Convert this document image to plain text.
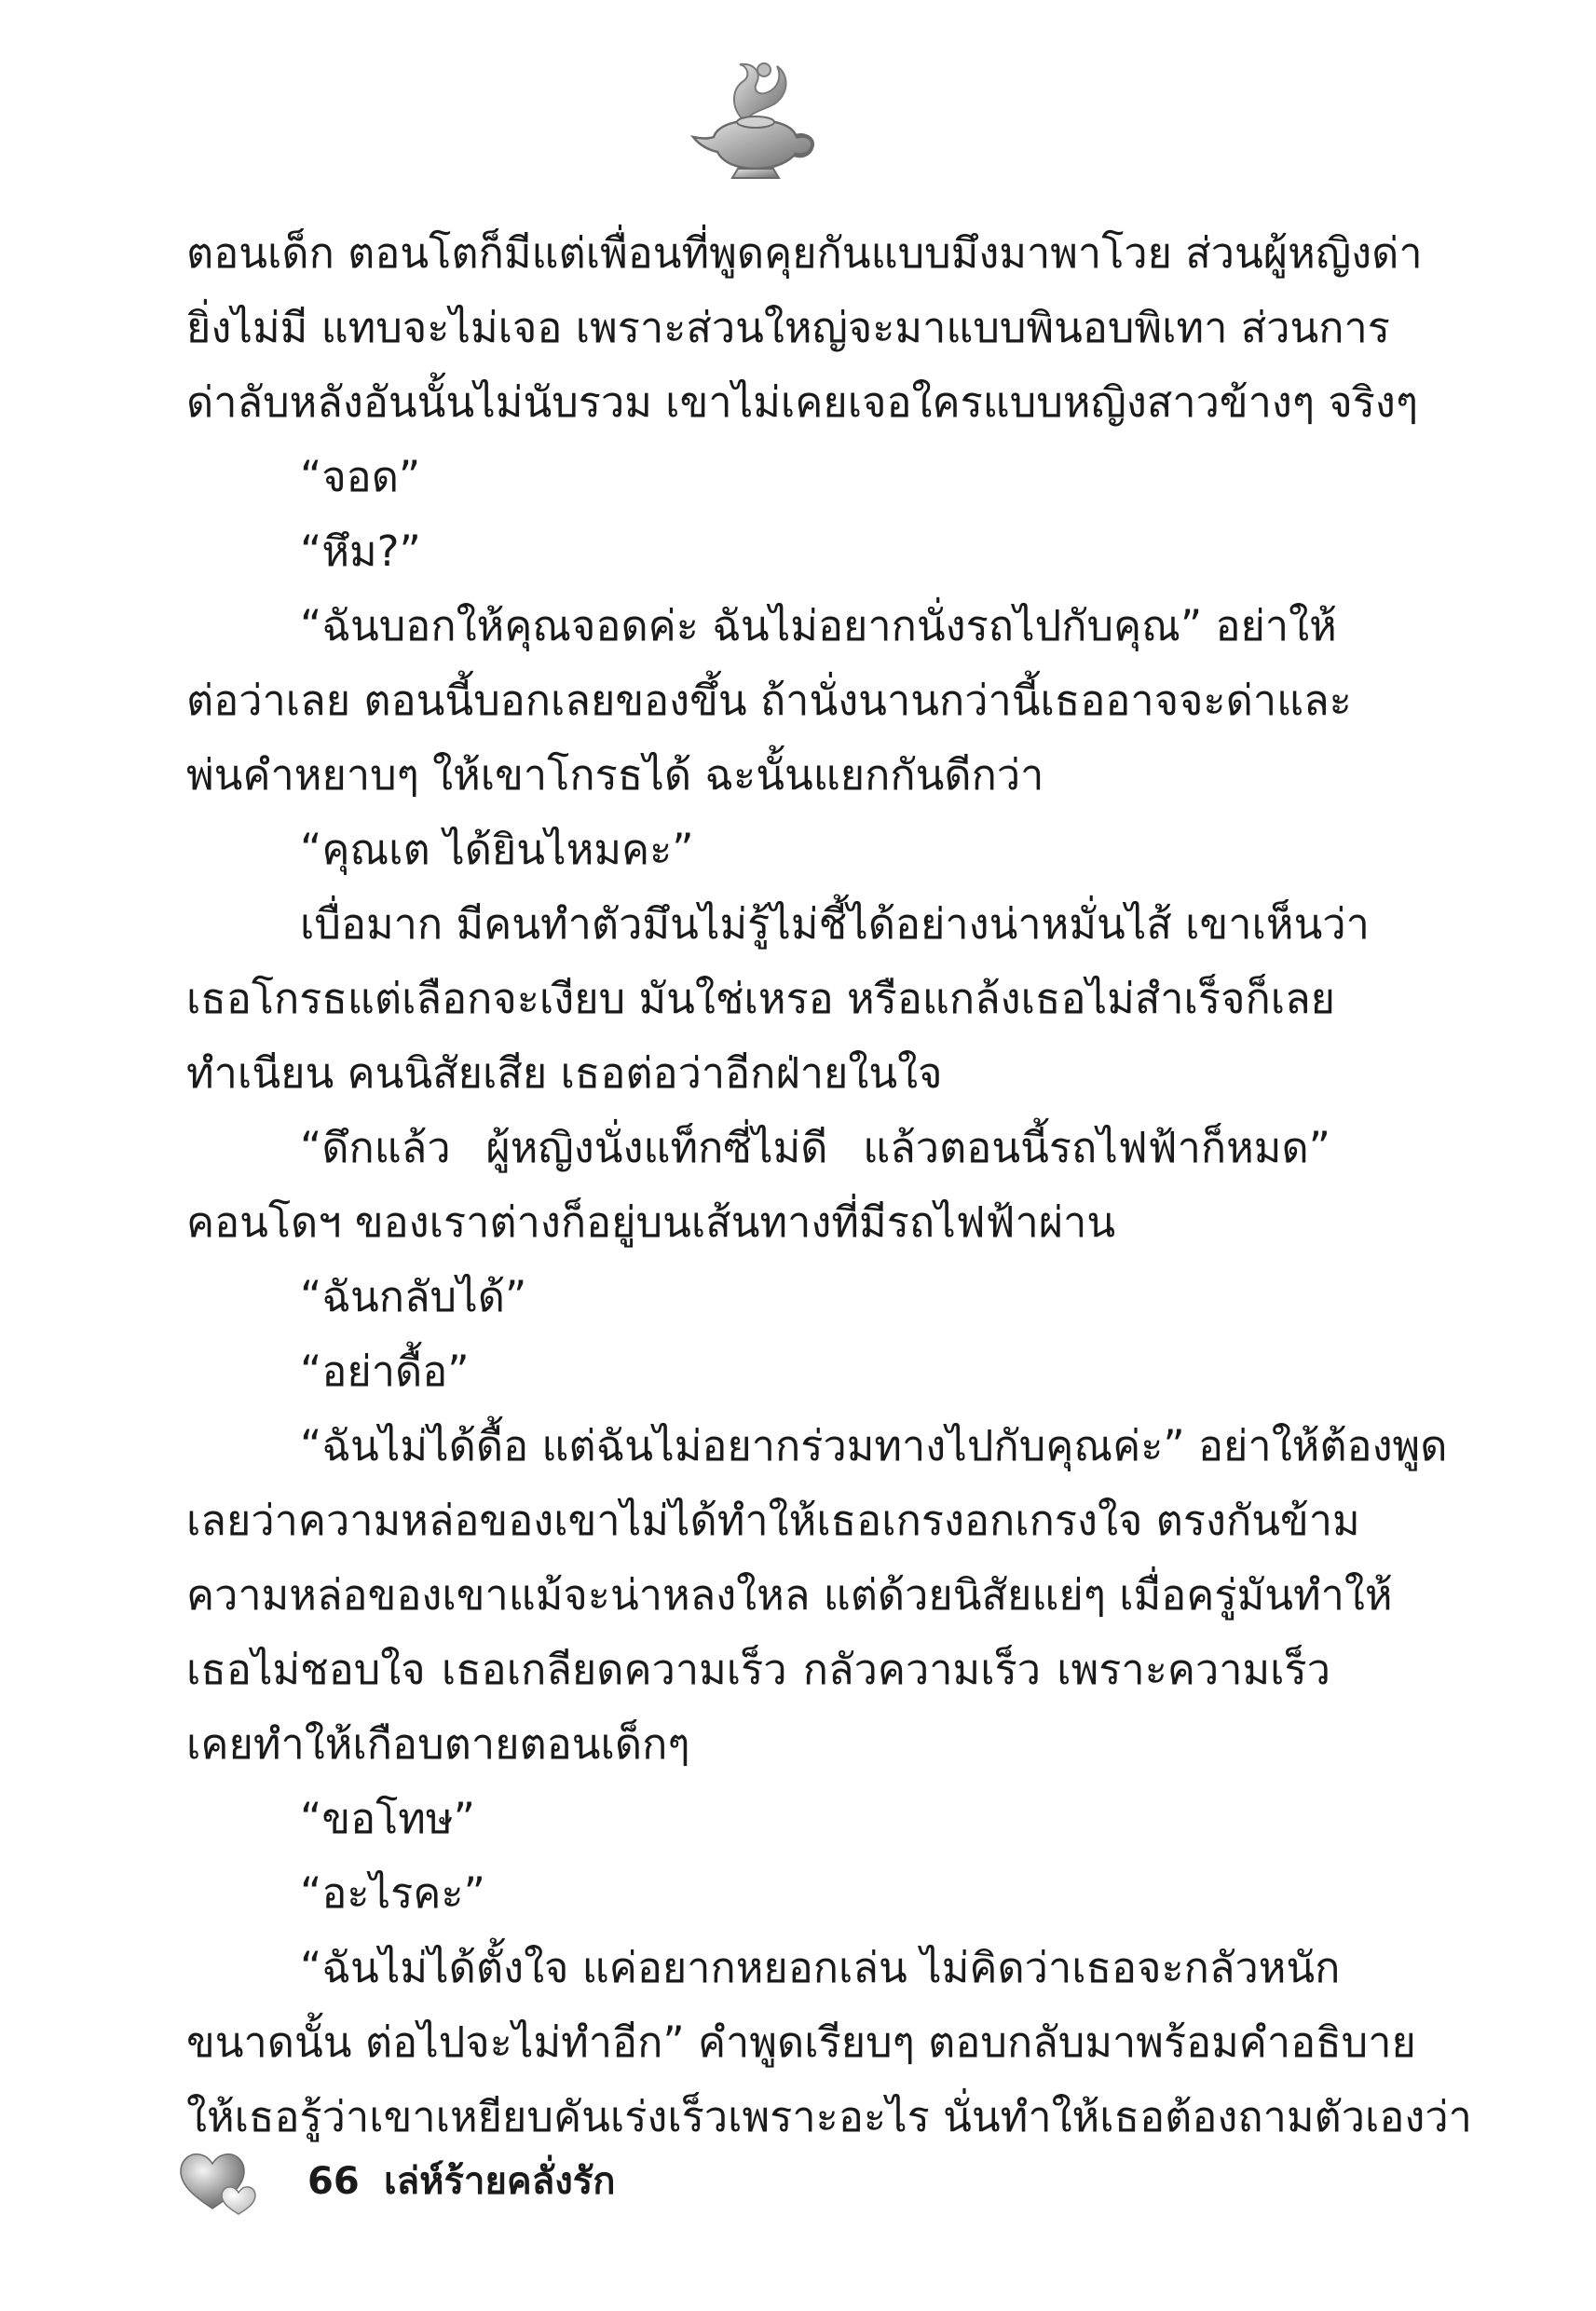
ตอนเด็ก ตอนโตก็มีแต่เพื่อนที่พูดคุยกันแบบมึงมาพาโวย ส่วนผู้หญิงด่า
ยิ่งไม่มี แทบจะไม่เจอ เพราะส่วนใหญ่จะมาแบบพินอบพิเทา ส่วนการ
ด่าลับหลังอันนั้นไม่นับรวม เขาไม่เคยเจอใครแบบหญิงสาวข้างๆ จริงๆ
“จอด”
“หึม?”
“ฉันบอกให้คุณจอดค่ะ ฉันไม่อยากนั่งรถไปกับคุณ” อย่าให้
ต่อว่าเลย ตอนนี้บอกเลยของขึ้น ถ้านั่งนานกว่านี้เธออาจจะด่าและ
พ่นคำหยาบๆ ให้เขาโกรธได้ ฉะนั้นแยกกันดีกว่า
“คุณเต ได้ยินไหมคะ”
เบื่อมาก มีคนทำตัวมึนไม่รู้ไม่ชี้ได้อย่างน่าหมั่นไส้ เขาเห็นว่า
เธอโกรธแต่เลือกจะเงียบ มันใช่เหรอ หรือแกล้งเธอไม่สำเร็จก็เลย
ทำเนียน คนนิสัยเสีย เธอต่อว่าอีกฝ่ายในใจ
“ดึกแล้ว ผู้หญิงนั่งแท็กซี่ไม่ดี แล้วตอนนี้รถไฟฟ้าก็หมด”
คอนโดฯ ของเราต่างก็อยู่บนเส้นทางที่มีรถไฟฟ้าผ่าน
“ฉันกลับได้”
“อย่าดื้อ”
“ฉันไม่ได้ดื้อ แต่ฉันไม่อยากร่วมทางไปกับคุณค่ะ” อย่าให้ต้องพูด
เลยว่าความหล่อของเขาไม่ได้ทำให้เธอเกรงอกเกรงใจ ตรงกันข้าม
ความหล่อของเขาแม้จะน่าหลงใหล แต่ด้วยนิสัยแย่ๆ เมื่อครู่มันทำให้
เธอไม่ชอบใจ เธอเกลียดความเร็ว กลัวความเร็ว เพราะความเร็ว
เคยทำให้เกือบตายตอนเด็กๆ
“ขอโทษ”
“อะไรคะ”
“ฉันไม่ได้ตั้งใจ แค่อยากหยอกเล่น ไม่คิดว่าเธอจะกลัวหนัก
ขนาดนั้น ต่อไปจะไม่ทำอีก” คำพูดเรียบๆ ตอบกลับมาพร้อมคำอธิบาย
ให้เธอรู้ว่าเขาเหยียบคันเร่งเร็วเพราะอะไร นั่นทำให้เธอต้องถามตัวเองว่า
66 เล่ห์ร้ายคลั่งรัก
